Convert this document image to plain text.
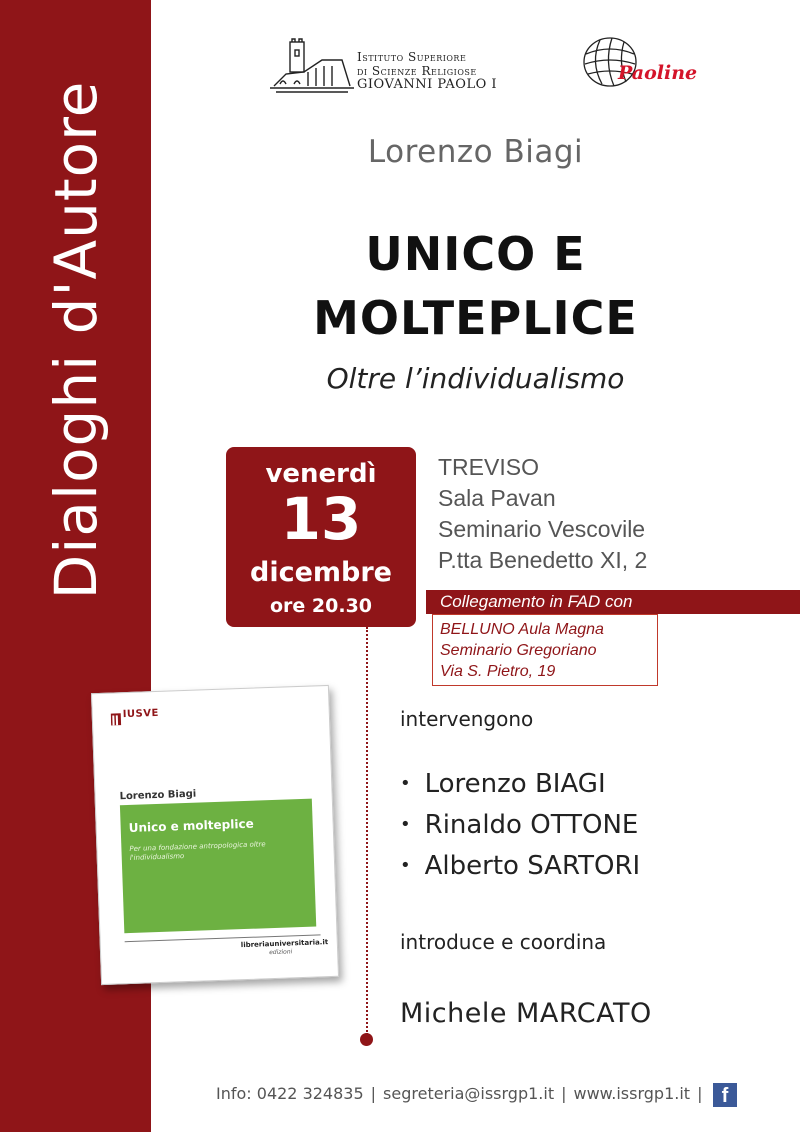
Dialoghi d'Autore
Istituto Superiore
di Scienze Religiose
GIOVANNI PAOLO I
Paoline
Lorenzo Biagi
UNICO E
MOLTEPLICE
Oltre l’individualismo
venerdì
13
dicembre
ore 20.30
TREVISO
Sala Pavan
Seminario Vescovile
P.tta Benedetto XI, 2
Collegamento in FAD con
BELLUNO Aula Magna
Seminario Gregoriano
Via S. Pietro, 19
intervengono
• Lorenzo BIAGI
• Rinaldo OTTONE
• Alberto SARTORI
introduce e coordina
Michele MARCATO
IUSVE
Lorenzo Biagi
Unico e molteplice
Per una fondazione antropologica oltre l'individualismo
libreriauniversitaria.it
edizioni
Info: 0422 324835 | segreteria@issrgp1.it | www.issrgp1.it | f
